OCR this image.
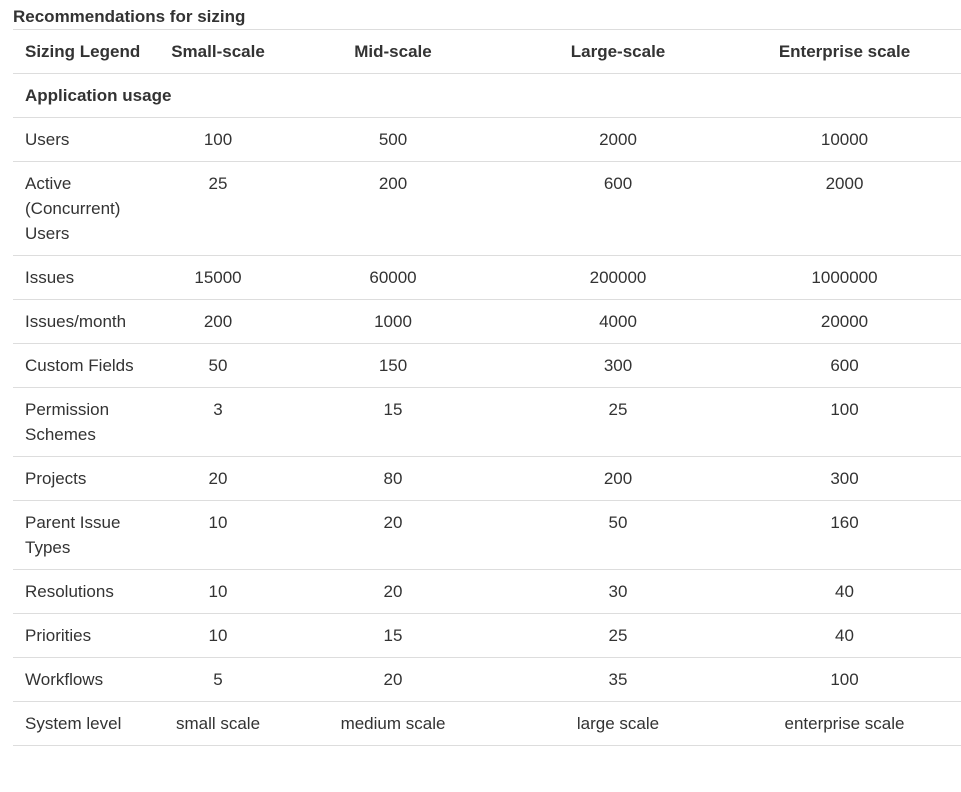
Recommendations for sizing
Sizing Legend	Small-scale	Mid-scale	Large-scale	Enterprise scale
Application usage				
Users	100	500	2000	10000
Active (Concurrent) Users	25	200	600	2000
Issues	15000	60000	200000	1000000
Issues/month	200	1000	4000	20000
Custom Fields	50	150	300	600
Permission Schemes	3	15	25	100
Projects	20	80	200	300
Parent Issue Types	10	20	50	160
Resolutions	10	20	30	40
Priorities	10	15	25	40
Workflows	5	20	35	100
System level	small scale	medium scale	large scale	enterprise scale
